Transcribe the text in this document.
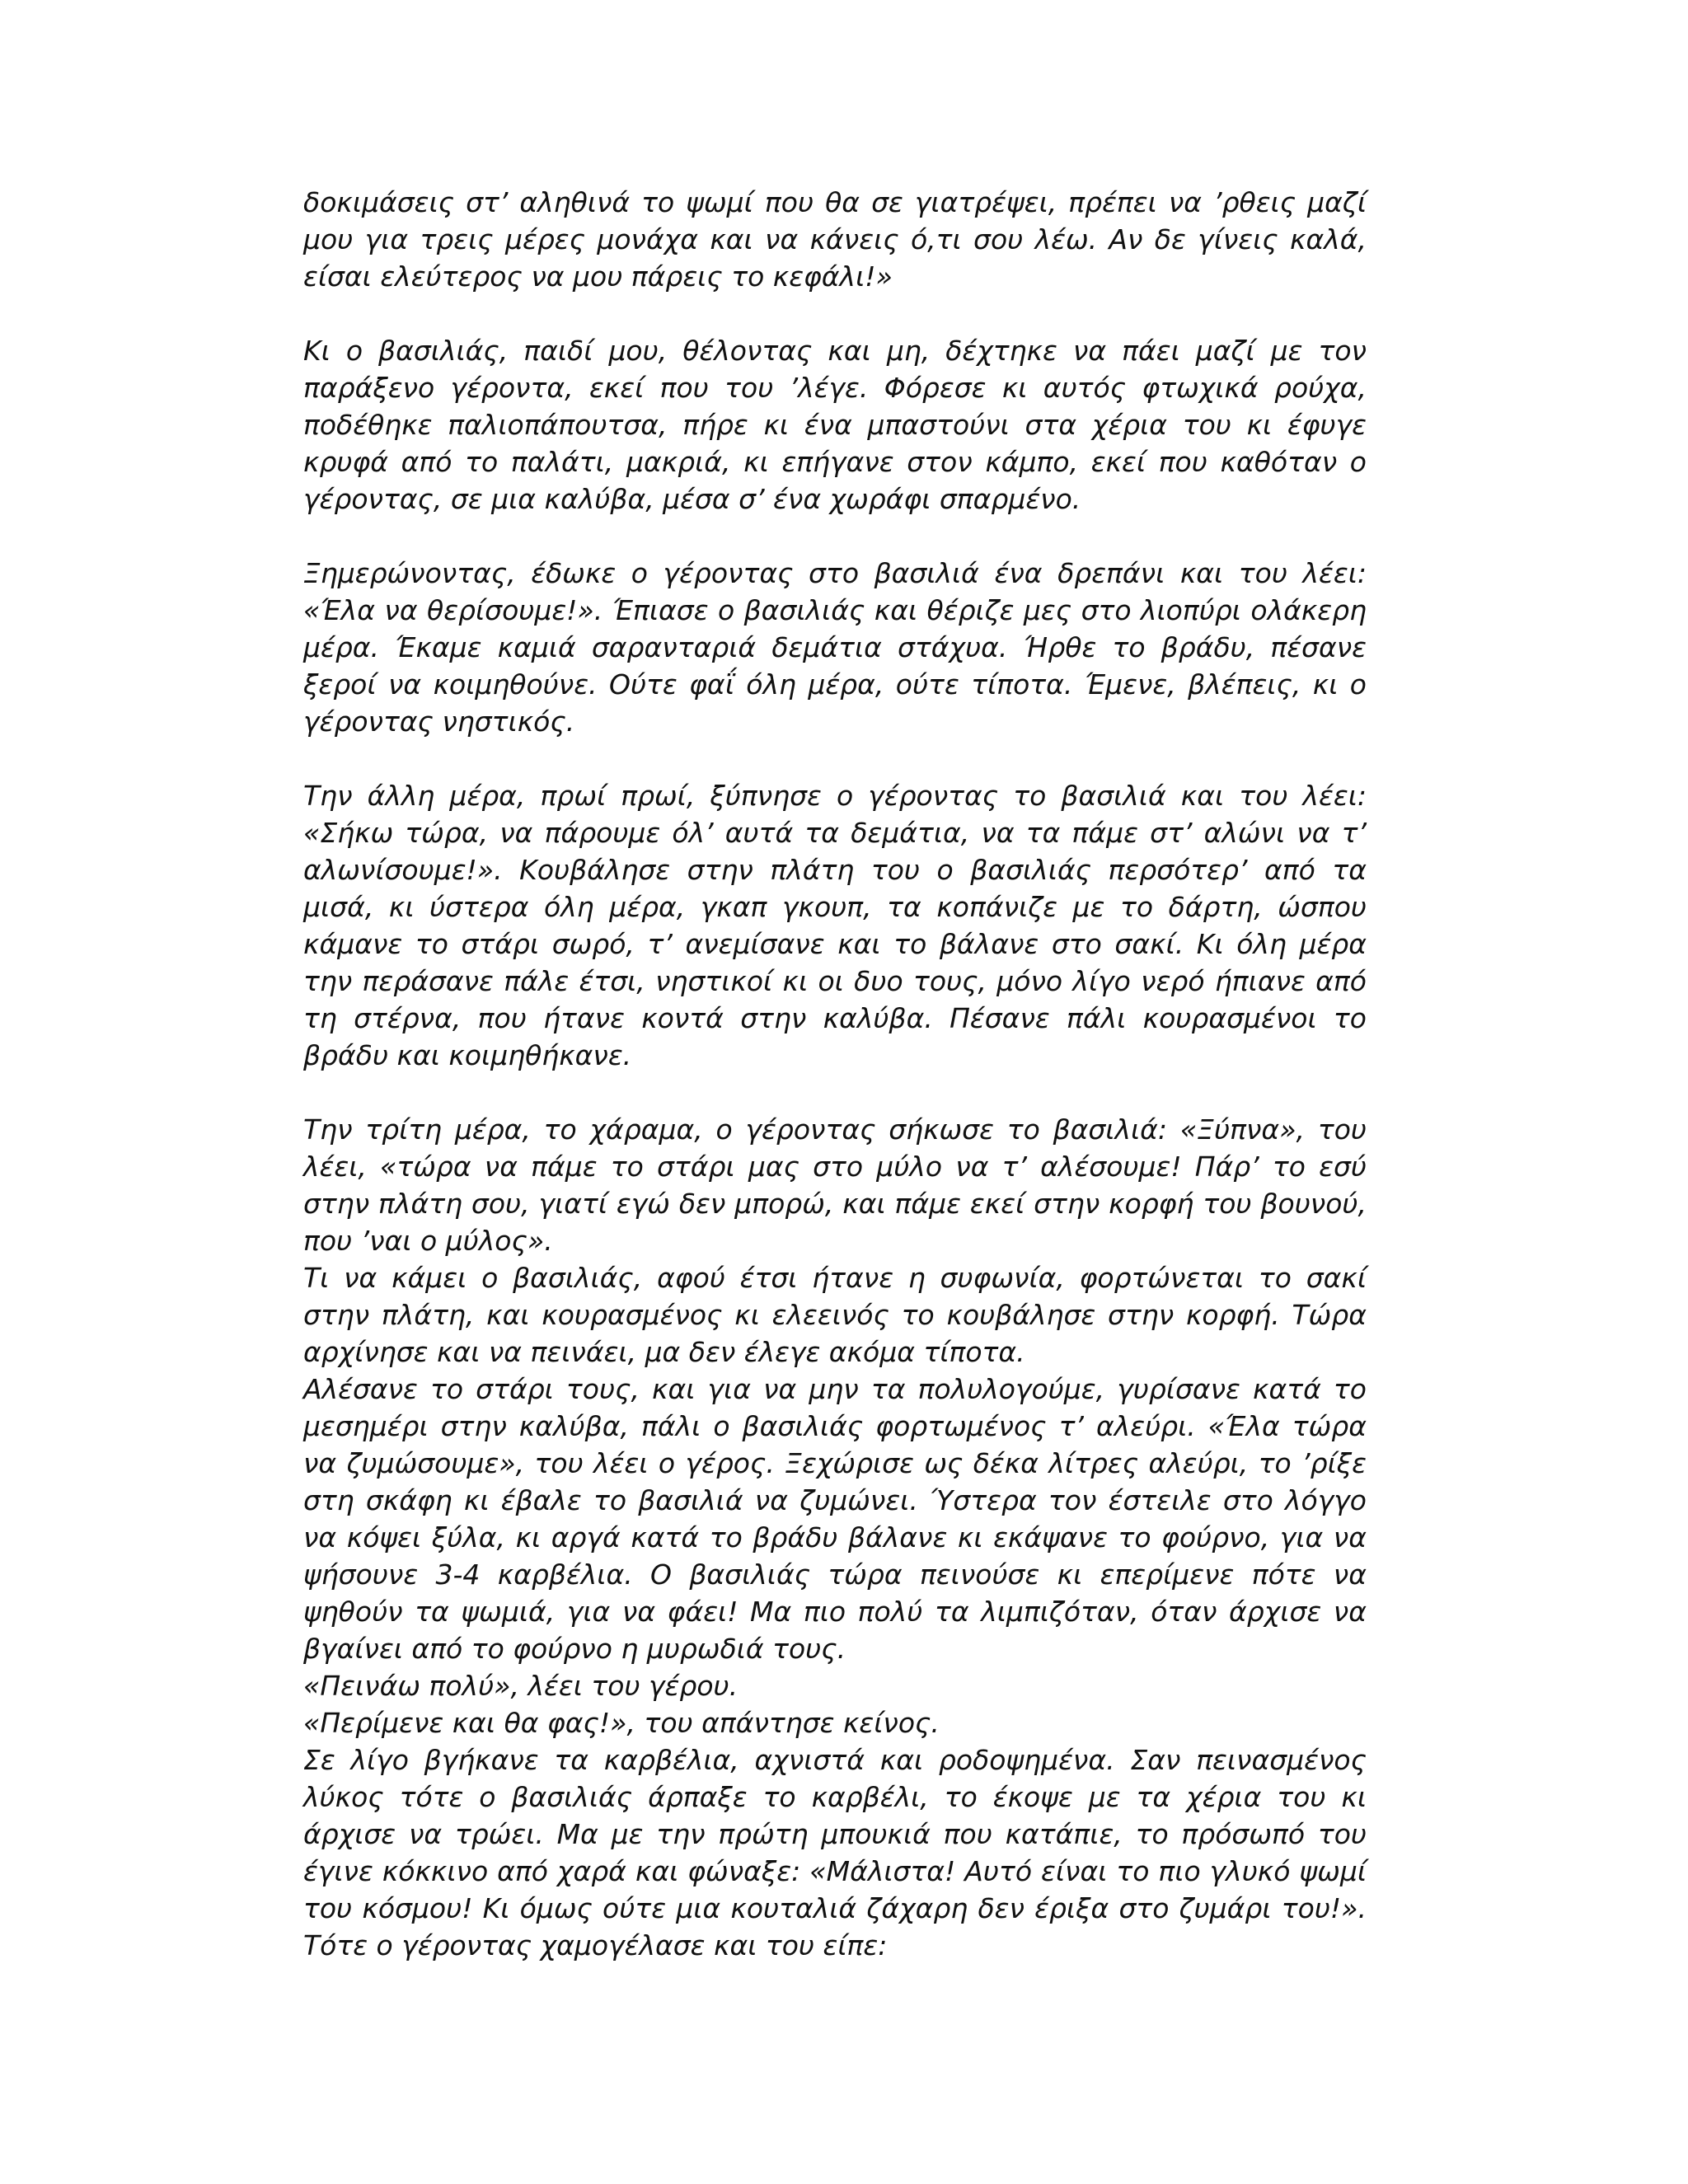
δοκιμάσεις στ’ αληθινά το ψωμί που θα σε γιατρέψει, πρέπει να ’ρθεις μαζί μου για τρεις μέρες μονάχα και να κάνεις ό,τι σου λέω. Αν δε γίνεις καλά, είσαι ελεύτερος να μου πάρεις το κεφάλι!»

Κι ο βασιλιάς, παιδί μου, θέλοντας και μη, δέχτηκε να πάει μαζί με τον παράξενο γέροντα, εκεί που του ’λέγε. Φόρεσε κι αυτός φτωχικά ρούχα, ποδέθηκε παλιοπάπουτσα, πήρε κι ένα μπαστούνι στα χέρια του κι έφυγε κρυφά από το παλάτι, μακριά, κι επήγανε στον κάμπο, εκεί που καθόταν ο γέροντας, σε μια καλύβα, μέσα σ’ ένα χωράφι σπαρμένο.

Ξημερώνοντας, έδωκε ο γέροντας στο βασιλιά ένα δρεπάνι και του λέει: «Έλα να θερίσουμε!». Έπιασε ο βασιλιάς και θέριζε μες στο λιοπύρι ολάκερη μέρα. Έκαμε καμιά σαρανταριά δεμάτια στάχυα. Ήρθε το βράδυ, πέσανε ξεροί να κοιμηθούνε. Ούτε φαΐ όλη μέρα, ούτε τίποτα. Έμενε, βλέπεις, κι ο γέροντας νηστικός.

Την άλλη μέρα, πρωί πρωί, ξύπνησε ο γέροντας το βασιλιά και του λέει: «Σήκω τώρα, να πάρουμε όλ’ αυτά τα δεμάτια, να τα πάμε στ’ αλώνι να τ’ αλωνίσουμε!». Κουβάλησε στην πλάτη του ο βασιλιάς περσότερ’ από τα μισά, κι ύστερα όλη μέρα, γκαπ γκουπ, τα κοπάνιζε με το δάρτη, ώσπου κάμανε το στάρι σωρό, τ’ ανεμίσανε και το βάλανε στο σακί. Κι όλη μέρα την περάσανε πάλε έτσι, νηστικοί κι οι δυο τους, μόνο λίγο νερό ήπιανε από τη στέρνα, που ήτανε κοντά στην καλύβα. Πέσανε πάλι κουρασμένοι το βράδυ και κοιμηθήκανε.

Την τρίτη μέρα, το χάραμα, ο γέροντας σήκωσε το βασιλιά: «Ξύπνα», του λέει, «τώρα να πάμε το στάρι μας στο μύλο να τ’ αλέσουμε! Πάρ’ το εσύ στην πλάτη σου, γιατί εγώ δεν μπορώ, και πάμε εκεί στην κορφή του βουνού, που ’ναι ο μύλος».

Τι να κάμει ο βασιλιάς, αφού έτσι ήτανε η συφωνία, φορτώνεται το σακί στην πλάτη, και κουρασμένος κι ελεεινός το κουβάλησε στην κορφή. Τώρα αρχίνησε και να πεινάει, μα δεν έλεγε ακόμα τίποτα.

Αλέσανε το στάρι τους, και για να μην τα πολυλογούμε, γυρίσανε κατά το μεσημέρι στην καλύβα, πάλι ο βασιλιάς φορτωμένος τ’ αλεύρι. «Έλα τώρα να ζυμώσουμε», του λέει ο γέρος. Ξεχώρισε ως δέκα λίτρες αλεύρι, το ’ρίξε στη σκάφη κι έβαλε το βασιλιά να ζυμώνει. Ύστερα τον έστειλε στο λόγγο να κόψει ξύλα, κι αργά κατά το βράδυ βάλανε κι εκάψανε το φούρνο, για να ψήσουνε 3-4 καρβέλια. Ο βασιλιάς τώρα πεινούσε κι επερίμενε πότε να ψηθούν τα ψωμιά, για να φάει! Μα πιο πολύ τα λιμπιζόταν, όταν άρχισε να βγαίνει από το φούρνο η μυρωδιά τους.

«Πεινάω πολύ», λέει του γέρου.

«Περίμενε και θα φας!», του απάντησε κείνος.

Σε λίγο βγήκανε τα καρβέλια, αχνιστά και ροδοψημένα. Σαν πεινασμένος λύκος τότε ο βασιλιάς άρπαξε το καρβέλι, το έκοψε με τα χέρια του κι άρχισε να τρώει. Μα με την πρώτη μπουκιά που κατάπιε, το πρόσωπό του έγινε κόκκινο από χαρά και φώναξε: «Μάλιστα! Αυτό είναι το πιο γλυκό ψωμί του κόσμου! Κι όμως ούτε μια κουταλιά ζάχαρη δεν έριξα στο ζυμάρι του!». Τότε ο γέροντας χαμογέλασε και του είπε:
